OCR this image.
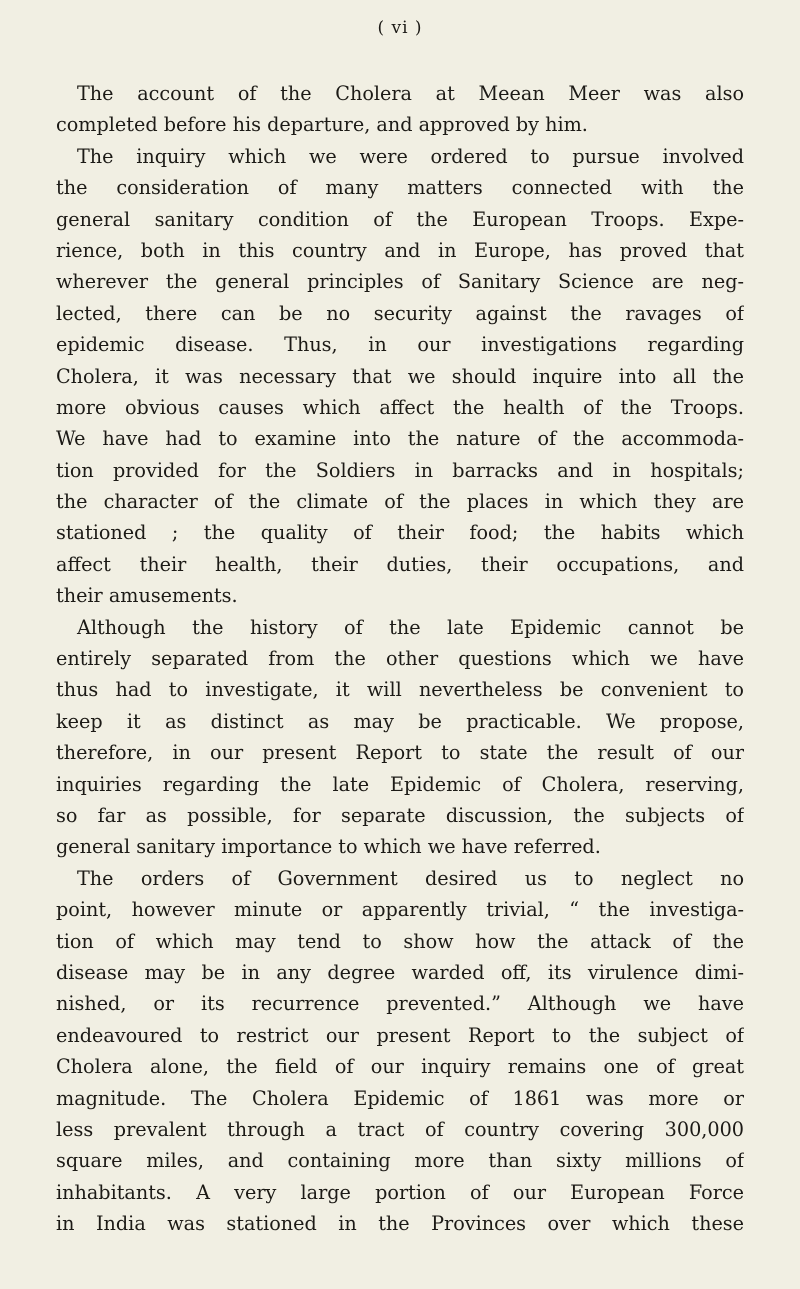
( vi )
The account of the Cholera at Meean Meer was also
completed before his departure, and approved by him.
The inquiry which we were ordered to pursue involved
the consideration of many matters connected with the
general sanitary condition of the European Troops. Expe-
rience, both in this country and in Europe, has proved that
wherever the general principles of Sanitary Science are neg-
lected, there can be no security against the ravages of
epidemic disease. Thus, in our investigations regarding
Cholera, it was necessary that we should inquire into all the
more obvious causes which affect the health of the Troops.
We have had to examine into the nature of the accommoda-
tion provided for the Soldiers in barracks and in hospitals;
the character of the climate of the places in which they are
stationed ; the quality of their food; the habits which
affect their health, their duties, their occupations, and
their amusements.
Although the history of the late Epidemic cannot be
entirely separated from the other questions which we have
thus had to investigate, it will nevertheless be convenient to
keep it as distinct as may be practicable. We propose,
therefore, in our present Report to state the result of our
inquiries regarding the late Epidemic of Cholera, reserving,
so far as possible, for separate discussion, the subjects of
general sanitary importance to which we have referred.
The orders of Government desired us to neglect no
point, however minute or apparently trivial, “ the investiga-
tion of which may tend to show how the attack of the
disease may be in any degree warded off, its virulence dimi-
nished, or its recurrence prevented.” Although we have
endeavoured to restrict our present Report to the subject of
Cholera alone, the field of our inquiry remains one of great
magnitude. The Cholera Epidemic of 1861 was more or
less prevalent through a tract of country covering 300,000
square miles, and containing more than sixty millions of
inhabitants. A very large portion of our European Force
in India was stationed in the Provinces over which these
